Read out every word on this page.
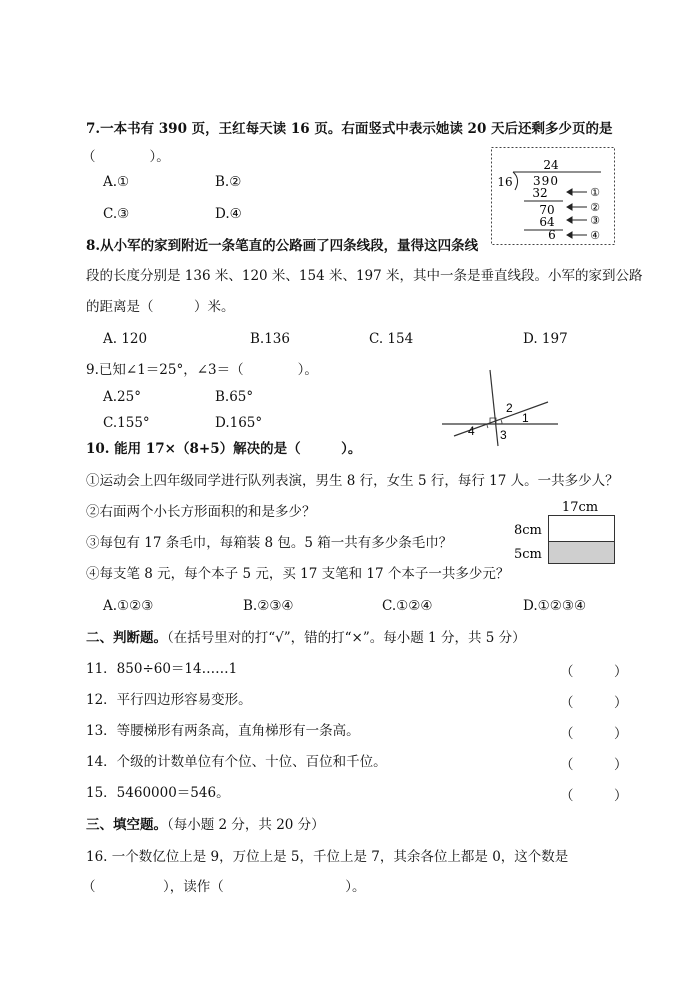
7.一本书有 390 页，王红每天读 16 页。右面竖式中表示她读 20 天后还剩多少页的是
（　　　　）。
A.①	B.②
C.③	D.④
24
16 390
32
70
64
6
①
②
③
④
8.从小军的家到附近一条笔直的公路画了四条线段，量得这四条线
段的长度分别是 136 米、120 米、154 米、197 米，其中一条是垂直线段。小军的家到公路
的距离是（　　　）米。
A. 120	B.136	C. 154	D. 197
9.已知∠1＝25°，∠3＝（　　　　）。
A.25°	B.65°
C.155°	D.165°
2
1
3
4
10. 能用 17×（8+5）解决的是（　　　）。
①运动会上四年级同学进行队列表演，男生 8 行，女生 5 行，每行 17 人。一共多少人？
②右面两个小长方形面积的和是多少？
③每包有 17 条毛巾，每箱装 8 包。5 箱一共有多少条毛巾？
④每支笔 8 元，每个本子 5 元，买 17 支笔和 17 个本子一共多少元？
A.①②③	B.②③④	C.①②④	D.①②③④
17cm
8cm
5cm
二、判断题。（在括号里对的打“√”，错的打“×”。每小题 1 分，共 5 分）
11．850÷60＝14……1	（　　　）
12．平行四边形容易变形。	（　　　）
13．等腰梯形有两条高，直角梯形有一条高。	（　　　）
14．个级的计数单位有个位、十位、百位和千位。	（　　　）
15．5460000＝546。	（　　　）
三、填空题。（每小题 2 分，共 20 分）
16. 一个数亿位上是 9，万位上是 5，千位上是 7，其余各位上都是 0，这个数是
（　　　　　），读作（　　　　　　　　　）。
